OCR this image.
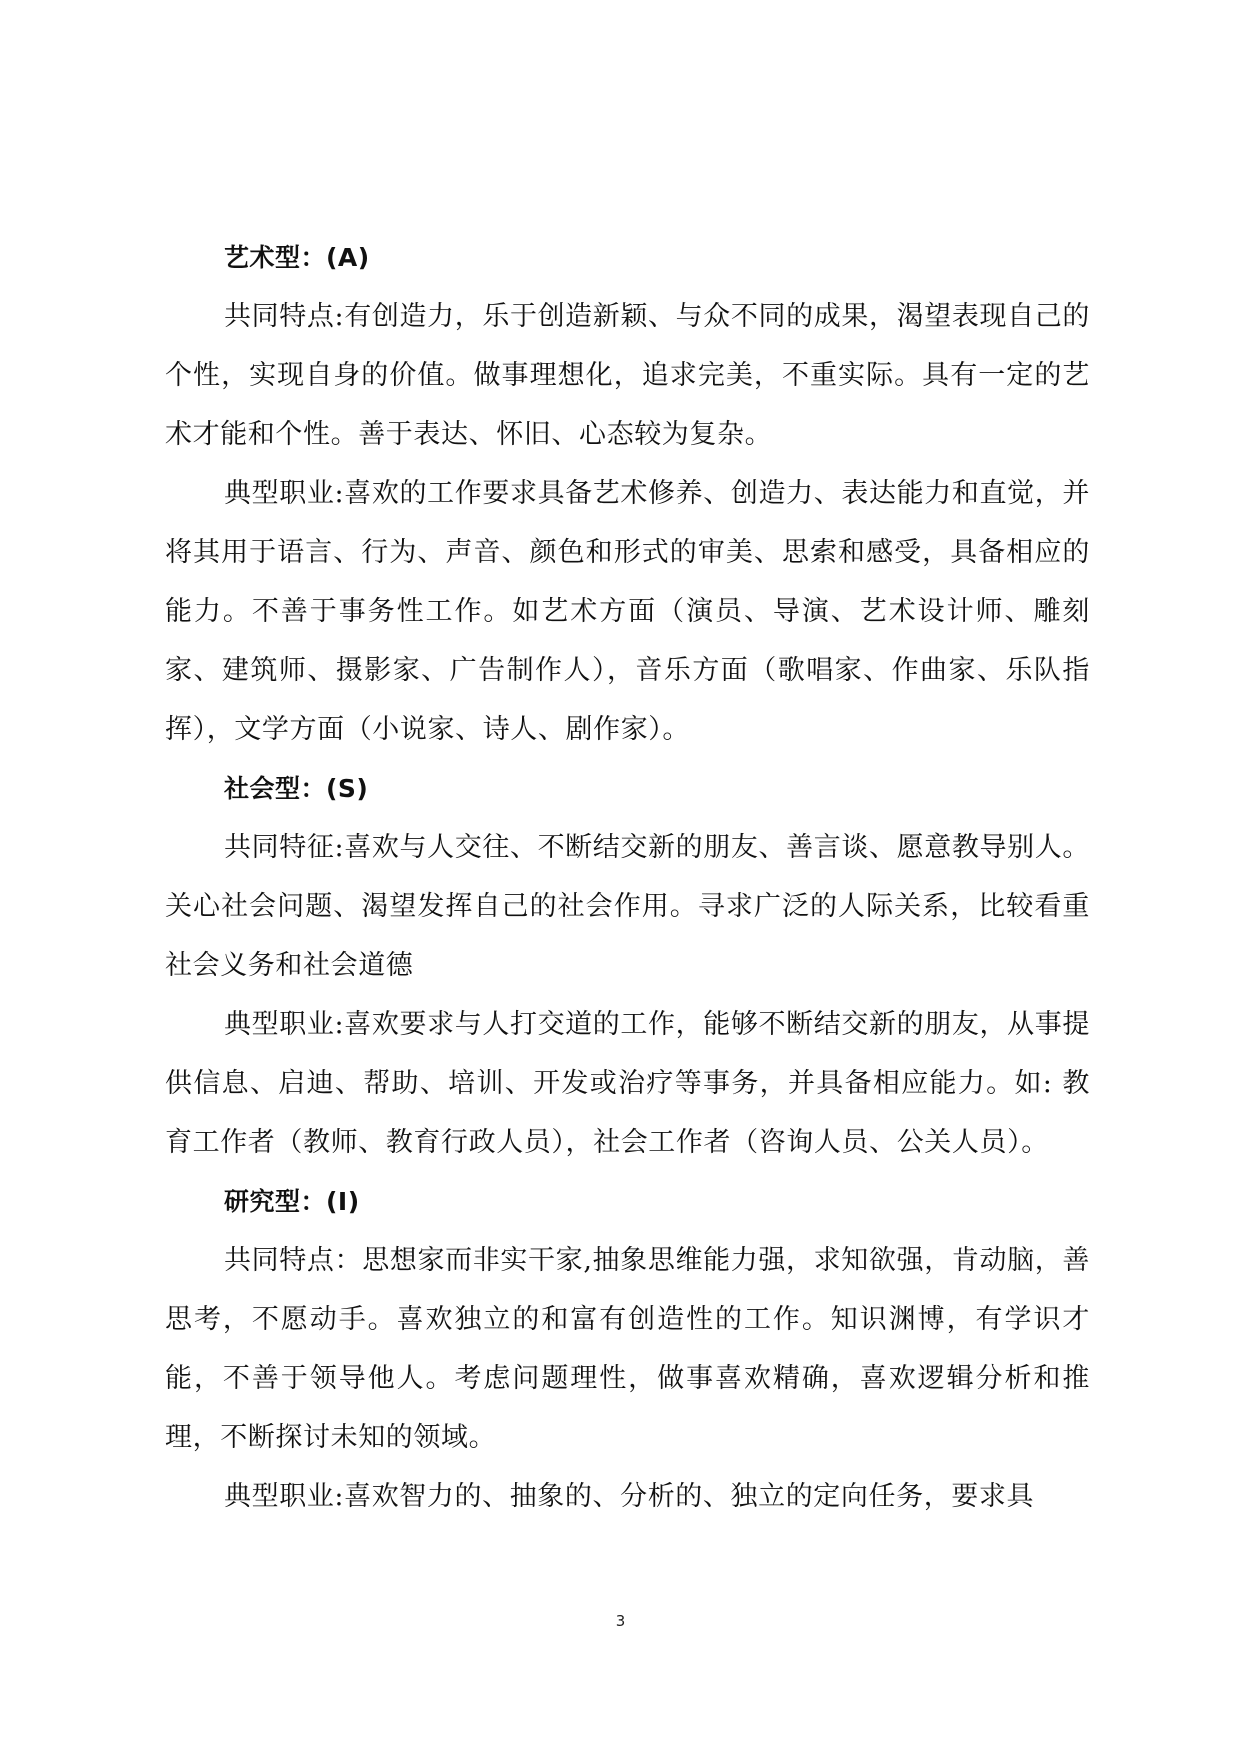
艺术型：(A)

共同特点:有创造力，乐于创造新颖、与众不同的成果，渴望表现自己的个性，实现自身的价值。做事理想化，追求完美，不重实际。具有一定的艺术才能和个性。善于表达、怀旧、心态较为复杂。

典型职业:喜欢的工作要求具备艺术修养、创造力、表达能力和直觉，并将其用于语言、行为、声音、颜色和形式的审美、思索和感受，具备相应的能力。不善于事务性工作。如艺术方面（演员、导演、艺术设计师、雕刻家、建筑师、摄影家、广告制作人），音乐方面（歌唱家、作曲家、乐队指挥），文学方面（小说家、诗人、剧作家）。

社会型：(S)

共同特征:喜欢与人交往、不断结交新的朋友、善言谈、愿意教导别人。关心社会问题、渴望发挥自己的社会作用。寻求广泛的人际关系，比较看重社会义务和社会道德

典型职业:喜欢要求与人打交道的工作，能够不断结交新的朋友，从事提供信息、启迪、帮助、培训、开发或治疗等事务，并具备相应能力。如: 教育工作者（教师、教育行政人员），社会工作者（咨询人员、公关人员）。

研究型：(I)

共同特点：思想家而非实干家,抽象思维能力强，求知欲强，肯动脑，善思考，不愿动手。喜欢独立的和富有创造性的工作。知识渊博，有学识才能，不善于领导他人。考虑问题理性，做事喜欢精确，喜欢逻辑分析和推理，不断探讨未知的领域。

典型职业:喜欢智力的、抽象的、分析的、独立的定向任务，要求具

3
